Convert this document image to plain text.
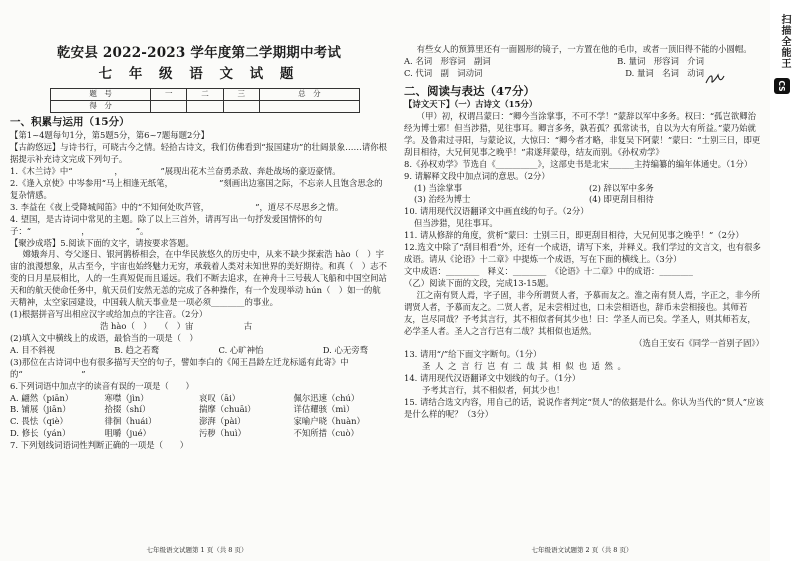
乾安县 2022-2023 学年度第二学期期中考试
七 年 级 语 文 试 题
题　号	一	二	三	总　分
得　分				
一、积累与运用（15分）
【第1~4题每句1分，第5题5分，第6~7题每题2分】
【古韵悠远】与诗书行，可晓古今之情。轻拾古诗文，我们仿佛看到“报国建功”的壮阔景象……请你根据提示补充诗文完成下列句子。
1.《木兰诗》中“　　　　　，　　　　　”展现出花木兰奋勇杀敌、奔赴战场的豪迈豪情。
2.《逢入京使》中岑参用“马上相逢无纸笔，　　　　　　”刻画出边塞国之际，不忘亲人且饱含思念的复杂情感。
3. 李益在《夜上受降城闻笛》中的“不知何处吹芦管，　　　　　　”，道尽不尽思乡之情。
4. 望国，是古诗词中常见的主题。除了以上三首外，请再写出一句抒发爱国情怀的句子：“　　　　　　，　　　　　　”。
【聚沙成塔】5.阅读下面的文字，请按要求答题。
嫦娥奔月、夸父逐日、银河鹊桥相会，在中华民族悠久的历史中，从来不缺少探索浩 hào（　）宇宙的浪漫想象，从古至今，宇宙也始终魅力无穷，承载着人类对未知世界的美好期待。和真（　）志不变的日月星辰相比，人的一生真短促而且遥远。我们不断去追求，在神舟十三号载人飞船和中国空间站天和的航天使命任务中，航天员们安然无恙的完成了各种操作，有一个发现举动 hún（　）如一的航天精神，太空家园建设，中国载人航天事业是一项必须________的事业。
(1)根据拼音写出相应汉字或给加点的字注音。（2分）
浩 hào（　）　　（　）宙　　　　　　古
(2)填入文中横线上的成语，最恰当的一项是（　）
A. 目不斜视	B. 趋之若鹜	C. 心旷神怡	D. 心无旁骛
(3)那位在古诗词中也有很多描写天空的句子，譬如李白的《闻王昌龄左迁龙标遥有此寄》中的“　　　　　　　”
6.下列词语中加点字的读音有误的一项是（　　）
A. 翩然（piān）	寒噤（jìn）	哀叹（āi）	佩尔迅速（chú）
B. 铺展（jiān）	拾掇（shí）	揣摩（chuāi）	详估耀骇（mì）
C. 畏怯（qiè）	徘徊（huái）	澎湃（pài）	家喻户晓（huàn）
D. 修长（yán）	咀嚼（jué）	污秽（huì）	不知所措（cuò）
7. 下列划线词语词性判断正确的一项是（　　）
七年级语文试题第 1 页（共 8 页）
有些女人的预算里还有一面圆形的镜子，一方置在他的毛巾，或者一顶旧得不能的小圆帽。
A. 名词　形容词　副词	B. 量词　形容词　介词
C. 代词　副　词动词	D. 量词　名词　动词
二、阅读与表达（47分）
【诗文天下】（一）古诗文（15分）
（甲）初，权谓吕蒙曰：“卿今当涂掌事，不可不学！”蒙辞以军中多务。权曰：“孤岂欲卿治经为博士邪！但当涉猎，见往事耳。卿言多务，孰若孤？孤常读书，自以为大有所益。”蒙乃始就学。及鲁肃过寻阳，与蒙论议，大惊曰：“卿今者才略，非复吴下阿蒙！”蒙曰：“士别三日，即更刮目相待，大兄何见事之晚乎！”肃遂拜蒙母，结友而别。《孙权劝学》
8.《孙权劝学》节选自《__________》，这部史书是北宋______主持编纂的编年体通史。（1分）
9. 请解释文段中加点词的意思。（2分）
(1) 当涂掌事	(2) 辞以军中多务
(3) 治经为博士	(4) 即更刮目相待
10. 请用现代汉语翻译文中画直线的句子。（2分）
但当涉猎，见往事耳。
11. 请从修辞的角度，赏析“蒙曰：士别三日，即更刮目相待，大兄何见事之晚乎！”（2分）
12.选文中除了“刮目相看”外，还有一个成语，请写下来，并释义。我们学过的文言文，也有很多成语。请从《论语》十二章》中提炼一个成语，写在下面的横线上。（3分）
文中成语：________　释义：________　《论语》十二章》中的成语：________
（乙）阅读下面的文段，完成13-15题。
江之南有贤人焉，字子固，非今所谓贤人者，予慕而友之。淮之南有贤人焉，字正之，非今所谓贤人者，予慕而友之。二贤人者，足未尝相过也，口未尝相语也，辞币未尝相接也。其师若友，岂尽同哉？予考其言行，其不相似者何其少也！曰：学圣人而已矣。学圣人，则其师若友，必学圣人者。圣人之言行岂有二哉？其相似也适然。
（选自王安石《同学一首别子固》）
13. 请用“/”给下面文字断句。（1分）
圣 人 之 言 行 岂 有 二 哉 其 相 似 也 适 然 。
14. 请用现代汉语翻译文中划线的句子。（1分）
予考其言行，其不相似者，何其少也！
15. 请结合选文内容，用自己的话，说说作者判定“贤人”的依据是什么。你认为当代的“贤人”应该是什么样的呢？（3分）
七年级语文试题第 2 页（共 8 页）
扫描全能王
CS
